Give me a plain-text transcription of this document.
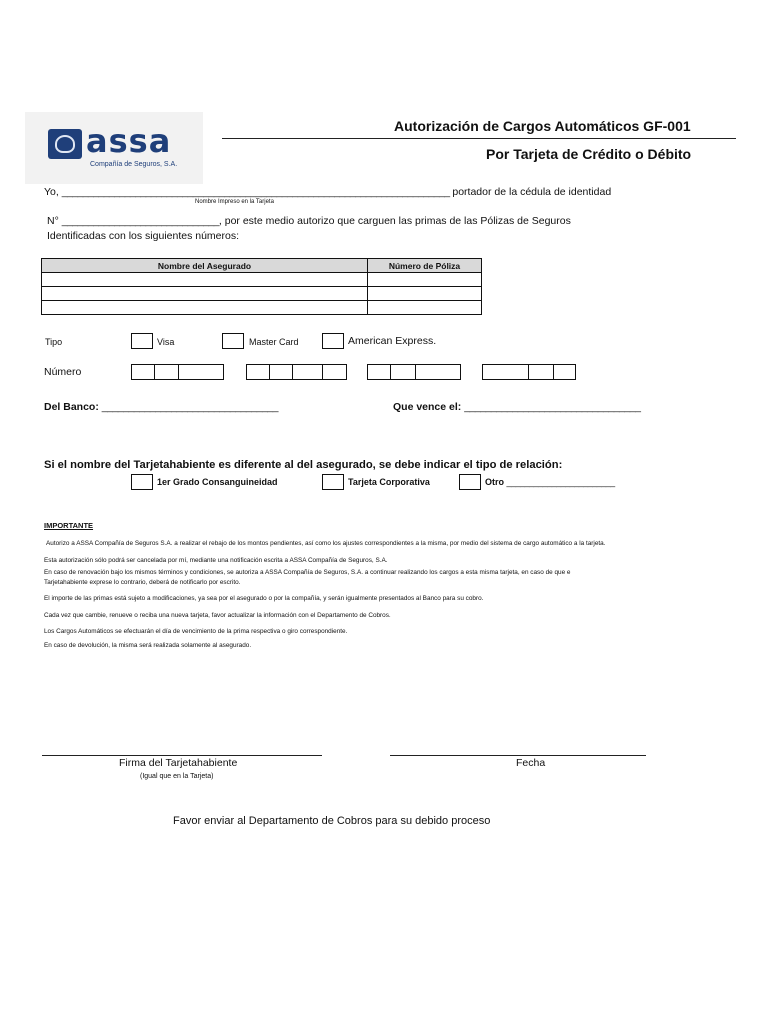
assa
Compañía de Seguros, S.A.
Autorización de Cargos Automáticos GF-001
Por Tarjeta de Crédito o Débito
Yo, __________________________________________________________________________ portador de la cédula de identidad
Nombre Impreso en la Tarjeta
N° ______________________________, por este medio autorizo que carguen las primas de las Pólizas de Seguros
Identificadas con los siguientes números:
Nombre del Asegurado	Número de Póliza

Tipo	Visa	Master Card	American Express.
Número
Del Banco: _________________________________	Que vence el: _________________________________
Si el nombre del Tarjetahabiente es diferente al del asegurado, se debe indicar el tipo de relación:
1er Grado Consanguineidad	Tarjeta Corporativa	Otro ________________________
IMPORTANTE
Autorizo a ASSA Compañía de Seguros S.A. a realizar el rebajo de los montos pendientes, así como los ajustes correspondientes a la misma, por medio del sistema de cargo automático a la tarjeta.
Esta autorización sólo podrá ser cancelada por mí, mediante una notificación escrita a ASSA Compañía de Seguros, S.A.
En caso de renovación bajo los mismos términos y condiciones, se autoriza a ASSA Compañía de Seguros, S.A. a continuar realizando los cargos a esta misma tarjeta, en caso de que e
Tarjetahabiente exprese lo contrario, deberá de notificarlo por escrito.
El importe de las primas está sujeto a modificaciones, ya sea por el asegurado o por la compañía, y serán igualmente presentados al Banco para su cobro.
Cada vez que cambie, renueve o reciba una nueva tarjeta, favor actualizar la información con el Departamento de Cobros.
Los Cargos Automáticos se efectuarán el día de vencimiento de la prima respectiva o giro correspondiente.
En caso de devolución, la misma será realizada solamente al asegurado.
Firma del Tarjetahabiente
(Igual que en la Tarjeta)
Fecha
Favor enviar al Departamento de Cobros para su debido proceso
